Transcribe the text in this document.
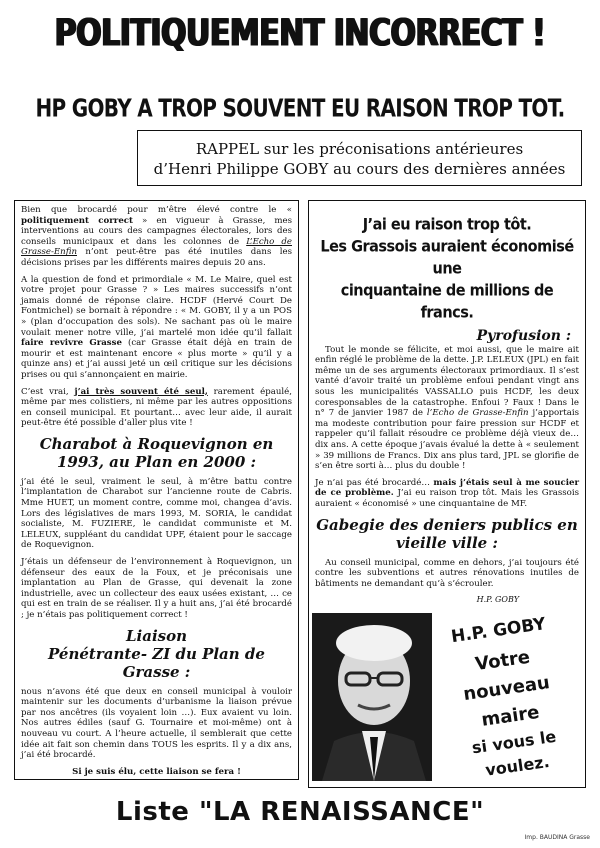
POLITIQUEMENT INCORRECT !
HP GOBY A TROP SOUVENT EU RAISON TROP TOT.
RAPPEL sur les préconisations antérieures
d’Henri Philippe GOBY au cours des dernières années

Bien que brocardé pour m’être élevé contre le « politiquement correct » en vigueur à Grasse, mes interventions au cours des campagnes électorales, lors des conseils municipaux et dans les colonnes de L’Echo de Grasse-Enfin n’ont peut-être pas été inutiles dans les décisions prises par les différents maires depuis 20 ans.

A la question de fond et primordiale « M. Le Maire, quel est votre projet pour Grasse ? » Les maires successifs n’ont jamais donné de réponse claire. HCDF (Hervé Court De Fontmichel) se bornait à répondre : « M. GOBY, il y a un POS » (plan d’occupation des sols). Ne sachant pas où le maire voulait mener notre ville, j’ai martelé mon idée qu’il fallait faire revivre Grasse (car Grasse était déjà en train de mourir et est maintenant encore « plus morte » qu’il y a quinze ans) et j’ai aussi jeté un œil critique sur les décisions prises ou qui s’annonçaient en mairie.

C’est vrai, j’ai très souvent été seul, rarement épaulé, même par mes colistiers, ni même par les autres oppositions en conseil municipal. Et pourtant… avec leur aide, il aurait peut-être été possible d’aller plus vite !

Charabot à Roquevignon en 1993, au Plan en 2000 :

j’ai été le seul, vraiment le seul, à m’être battu contre l’implantation de Charabot sur l’ancienne route de Cabris. Mme HUET, un moment contre, comme moi, changea d’avis. Lors des législatives de mars 1993, M. SORIA, le candidat socialiste, M. FUZIERE, le candidat communiste et M. LELEUX, suppléant du candidat UPF, étaient pour le saccage de Roquevignon.

J’étais un défenseur de l’environnement à Roquevignon, un défenseur des eaux de la Foux, et je préconisais une implantation au Plan de Grasse, qui devenait la zone industrielle, avec un collecteur des eaux usées existant, … ce qui est en train de se réaliser. Il y a huit ans, j’ai été brocardé ; je n’étais pas politiquement correct !

Liaison
Pénétrante- ZI du Plan de Grasse :

nous n’avons été que deux en conseil municipal à vouloir maintenir sur les documents d’urbanisme la liaison prévue par nos ancêtres (ils voyaient loin …). Eux avaient vu loin. Nos autres édiles (sauf G. Tournaire et moi-même) ont à nouveau vu court. A l’heure actuelle, il semblerait que cette idée ait fait son chemin dans TOUS les esprits. Il y a dix ans, j’ai été brocardé.

Si je suis élu, cette liaison se fera !

J’ai eu raison trop tôt.
Les Grassois auraient économisé une
cinquantaine de millions de francs.
Pyrofusion :

Tout le monde se félicite, et moi aussi, que le maire ait enfin réglé le problème de la dette. J.P. LELEUX (JPL) en fait même un de ses arguments électoraux primordiaux. Il s’est vanté d’avoir traité un problème enfoui pendant vingt ans sous les municipalités VASSALLO puis HCDF, les deux coresponsables de la catastrophe. Enfoui ? Faux ! Dans le n° 7 de janvier 1987 de l’Echo de Grasse-Enfin j’apportais ma modeste contribution pour faire pression sur HCDF et rappeler qu’il fallait résoudre ce problème déjà vieux de… dix ans. A cette époque j’avais évalué la dette à « seulement » 39 millions de Francs. Dix ans plus tard, JPL se glorifie de s’en être sorti à… plus du double !

Je n’ai pas été brocardé… mais j’étais seul à me soucier de ce problème. J’ai eu raison trop tôt. Mais les Grassois auraient « économisé » une cinquantaine de MF.

Gabegie des deniers publics en vieille ville :

Au conseil municipal, comme en dehors, j’ai toujours été contre les subventions et autres rénovations inutiles de bâtiments ne demandant qu’à s’écrouler.

H.P. GOBY
H.P. GOBY
Votre nouveau maire
si vous le voulez.
Liste "LA RENAISSANCE"
Imp. BAUDINA Grasse
